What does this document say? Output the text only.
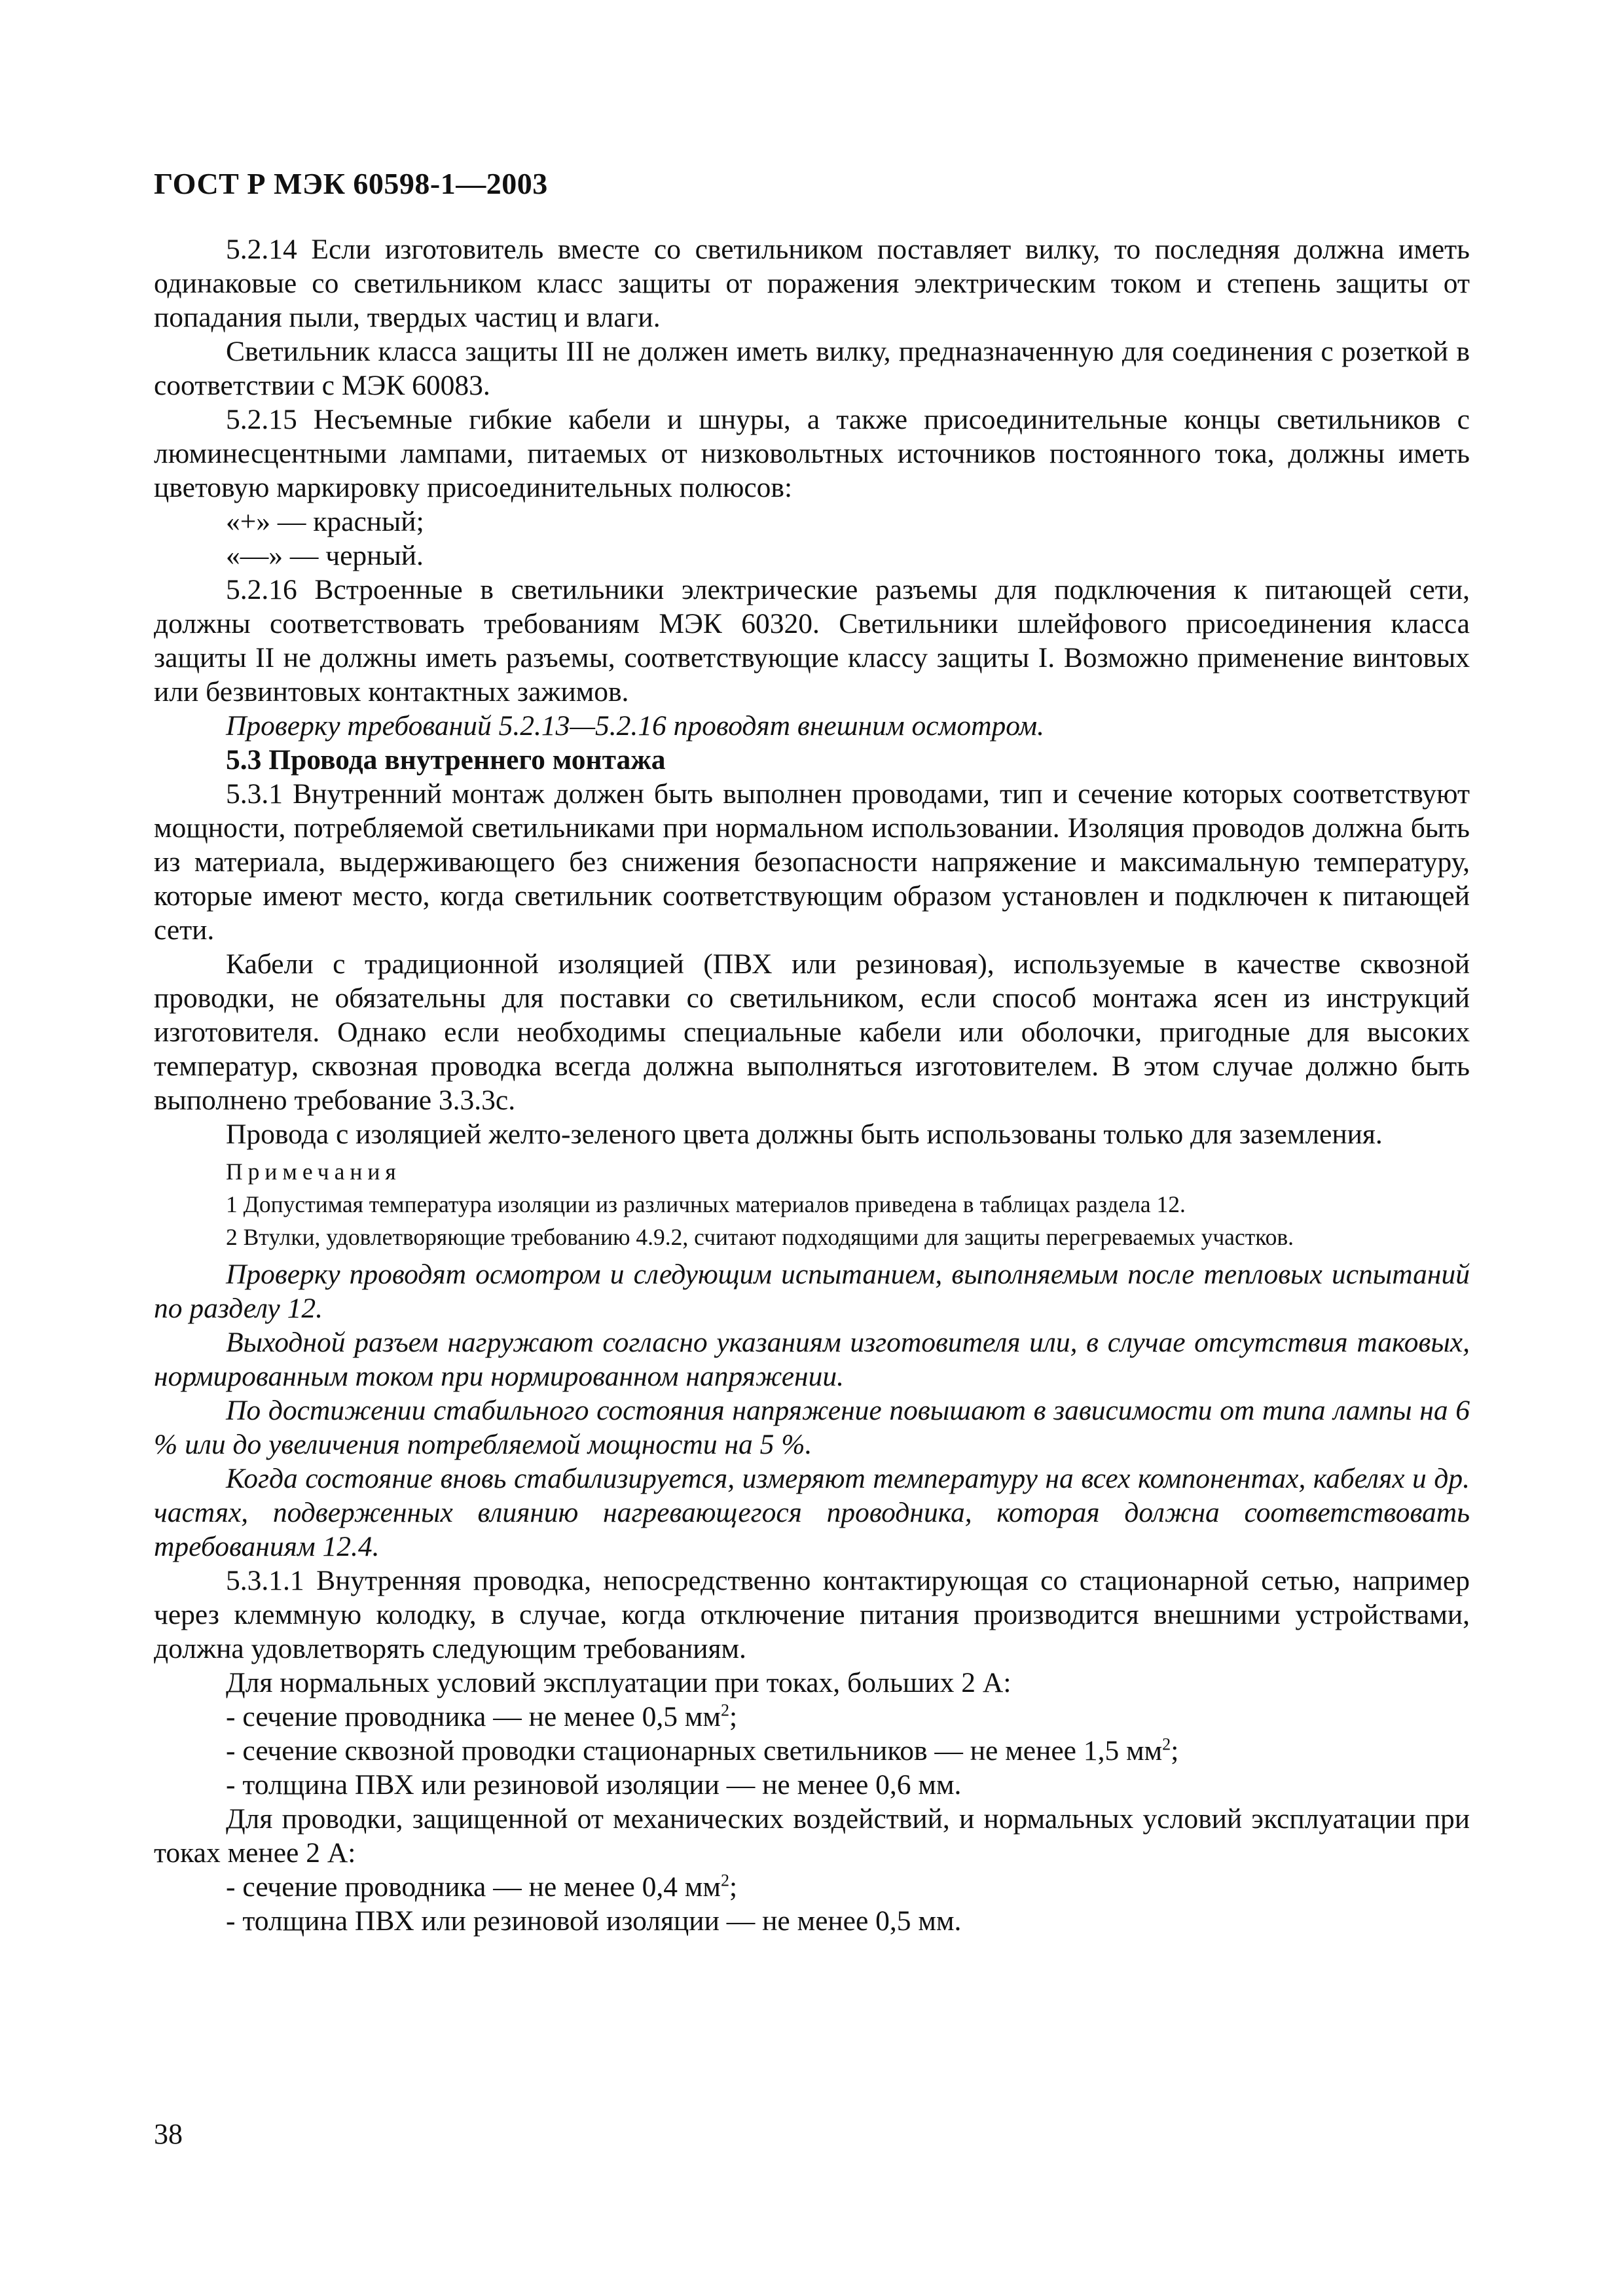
ГОСТ Р МЭК 60598-1—2003

5.2.14 Если изготовитель вместе со светильником поставляет вилку, то последняя должна иметь одинаковые со светильником класс защиты от поражения электрическим током и степень защиты от попадания пыли, твердых частиц и влаги.

Светильник класса защиты III не должен иметь вилку, предназначенную для соединения с розеткой в соответствии с МЭК 60083.

5.2.15 Несъемные гибкие кабели и шнуры, а также присоединительные концы светильников с люминесцентными лампами, питаемых от низковольтных источников постоянного тока, должны иметь цветовую маркировку присоединительных полюсов:

«+» — красный;

«—» — черный.

5.2.16 Встроенные в светильники электрические разъемы для подключения к питающей сети, должны соответствовать требованиям МЭК 60320. Светильники шлейфового присоединения класса защиты II не должны иметь разъемы, соответствующие классу защиты I. Возможно применение винтовых или безвинтовых контактных зажимов.

Проверку требований 5.2.13—5.2.16 проводят внешним осмотром.

5.3 Провода внутреннего монтажа

5.3.1 Внутренний монтаж должен быть выполнен проводами, тип и сечение которых соответствуют мощности, потребляемой светильниками при нормальном использовании. Изоляция проводов должна быть из материала, выдерживающего без снижения безопасности напряжение и максимальную температуру, которые имеют место, когда светильник соответствующим образом установлен и подключен к питающей сети.

Кабели с традиционной изоляцией (ПВХ или резиновая), используемые в качестве сквозной проводки, не обязательны для поставки со светильником, если способ монтажа ясен из инструкций изготовителя. Однако если необходимы специальные кабели или оболочки, пригодные для высоких температур, сквозная проводка всегда должна выполняться изготовителем. В этом случае должно быть выполнено требование 3.3.3с.

Провода с изоляцией желто-зеленого цвета должны быть использованы только для заземления.

Примечания

1 Допустимая температура изоляции из различных материалов приведена в таблицах раздела 12.

2 Втулки, удовлетворяющие требованию 4.9.2, считают подходящими для защиты перегреваемых участков.

Проверку проводят осмотром и следующим испытанием, выполняемым после тепловых испытаний по разделу 12.

Выходной разъем нагружают согласно указаниям изготовителя или, в случае отсутствия таковых, нормированным током при нормированном напряжении.

По достижении стабильного состояния напряжение повышают в зависимости от типа лампы на 6 % или до увеличения потребляемой мощности на 5 %.

Когда состояние вновь стабилизируется, измеряют температуру на всех компонентах, кабелях и др. частях, подверженных влиянию нагревающегося проводника, которая должна соответствовать требованиям 12.4.

5.3.1.1 Внутренняя проводка, непосредственно контактирующая со стационарной сетью, например через клеммную колодку, в случае, когда отключение питания производится внешними устройствами, должна удовлетворять следующим требованиям.

Для нормальных условий эксплуатации при токах, больших 2 А:

- сечение проводника — не менее 0,5 $мм^2$;

- сечение сквозной проводки стационарных светильников — не менее 1,5 $мм^2$;

- толщина ПВХ или резиновой изоляции — не менее 0,6 мм.

Для проводки, защищенной от механических воздействий, и нормальных условий эксплуатации при токах менее 2 А:

- сечение проводника — не менее 0,4 $мм^2$;

- толщина ПВХ или резиновой изоляции — не менее 0,5 мм.

38
